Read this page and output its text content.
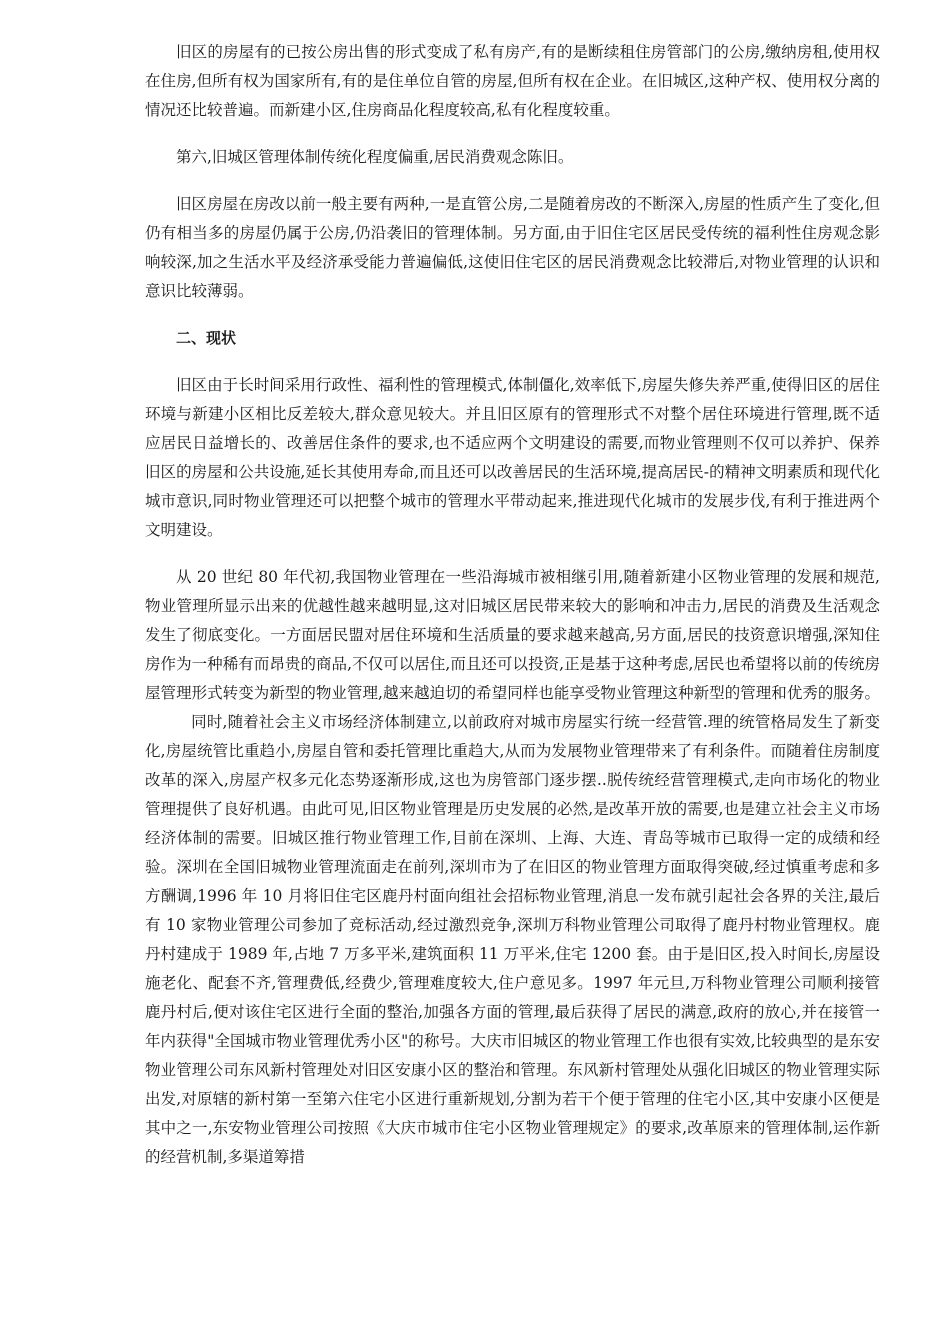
旧区的房屋有的已按公房出售的形式变成了私有房产,有的是断续租住房管部门的公房,缴纳房租,使用权在住房,但所有权为国家所有,有的是住单位自管的房屋,但所有权在企业。在旧城区,这种产权、使用权分离的情况还比较普遍。而新建小区,住房商品化程度较高,私有化程度较重。

第六,旧城区管理体制传统化程度偏重,居民消费观念陈旧。

旧区房屋在房改以前一般主要有两种,一是直管公房,二是随着房改的不断深入,房屋的性质产生了变化,但仍有相当多的房屋仍属于公房,仍沿袭旧的管理体制。另方面,由于旧住宅区居民受传统的福利性住房观念影响较深,加之生活水平及经济承受能力普遍偏低,这使旧住宅区的居民消费观念比较滞后,对物业管理的认识和意识比较薄弱。

二、现状

旧区由于长时间采用行政性、福利性的管理模式,体制僵化,效率低下,房屋失修失养严重,使得旧区的居住环境与新建小区相比反差较大,群众意见较大。并且旧区原有的管理形式不对整个居住环境进行管理,既不适应居民日益增长的、改善居住条件的要求,也不适应两个文明建设的需要,而物业管理则不仅可以养护、保养旧区的房屋和公共设施,延长其使用寿命,而且还可以改善居民的生活环境,提高居民-的精神文明素质和现代化城市意识,同时物业管理还可以把整个城市的管理水平带动起来,推进现代化城市的发展步伐,有利于推进两个文明建设。

从 20 世纪 80 年代初,我国物业管理在一些沿海城市被相继引用,随着新建小区物业管理的发展和规范,物业管理所显示出来的优越性越来越明显,这对旧城区居民带来较大的影响和冲击力,居民的消费及生活观念发生了彻底变化。一方面居民盟对居住环境和生活质量的要求越来越高,另方面,居民的技资意识增强,深知住房作为一种稀有而昂贵的商品,不仅可以居住,而且还可以投资,正是基于这种考虑,居民也希望将以前的传统房屋管理形式转变为新型的物业管理,越来越迫切的希望同样也能享受物业管理这种新型的管理和优秀的服务。同时,随着社会主义市场经济体制建立,以前政府对城市房屋实行统一经营管.理的统管格局发生了新变化,房屋统管比重趋小,房屋自管和委托管理比重趋大,从而为发展物业管理带来了有利条件。而随着住房制度改革的深入,房屋产权多元化态势逐渐形成,这也为房管部门逐步摆..脱传统经营管理模式,走向市场化的物业管理提供了良好机遇。由此可见,旧区物业管理是历史发展的必然,是改革开放的需要,也是建立社会主义市场经济体制的需要。旧城区推行物业管理工作,目前在深圳、上海、大连、青岛等城市已取得一定的成绩和经验。深圳在全国旧城物业管理流面走在前列,深圳市为了在旧区的物业管理方面取得突破,经过慎重考虑和多方酬调,1996 年 10 月将旧住宅区鹿丹村面向组社会招标物业管理,消息一发布就引起社会各界的关注,最后有 10 家物业管理公司参加了竞标活动,经过激烈竞争,深圳万科物业管理公司取得了鹿丹村物业管理权。鹿丹村建成于 1989 年,占地 7 万多平米,建筑面积 11 万平米,住宅 1200 套。由于是旧区,投入时间长,房屋设施老化、配套不齐,管理费低,经费少,管理难度较大,住户意见多。1997 年元旦,万科物业管理公司顺利接管鹿丹村后,便对该住宅区进行全面的整治,加强各方面的管理,最后获得了居民的满意,政府的放心,并在接管一年内获得"全国城市物业管理优秀小区"的称号。大庆市旧城区的物业管理工作也很有实效,比较典型的是东安物业管理公司东风新村管理处对旧区安康小区的整治和管理。东风新村管理处从强化旧城区的物业管理实际出发,对原辖的新村第一至第六住宅小区进行重新规划,分割为若干个便于管理的住宅小区,其中安康小区便是其中之一,东安物业管理公司按照《大庆市城市住宅小区物业管理规定》的要求,改革原来的管理体制,运作新的经营机制,多渠道筹措
